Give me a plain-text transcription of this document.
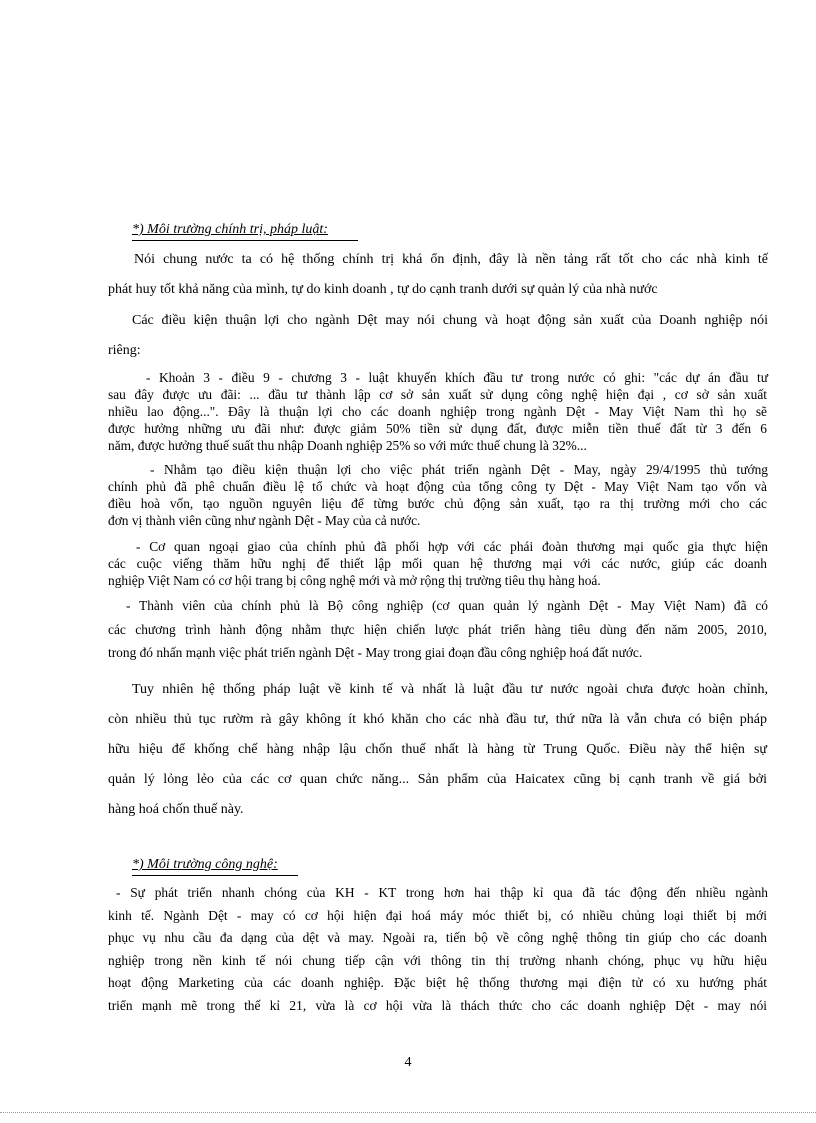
*) Môi trường chính trị, pháp luật:
Nói chung nước ta có hệ thống chính trị khá ổn định, đây là nền tảng rất tốt cho các nhà kinh tế
phát huy tốt khả năng của mình, tự do kinh doanh , tự do cạnh tranh dưới sự quản lý của nhà nước
Các điều kiện thuận lợi cho ngành Dệt may nói chung và hoạt động sản xuất của Doanh nghiệp nói
riêng:
- Khoản 3 - điều 9 - chương 3 - luật khuyến khích đầu tư trong nước có ghi: "các dự án đầu tư
sau đây được ưu đãi: ... đầu tư thành lập cơ sở sản xuất sử dụng công nghệ hiện đại , cơ sở sản xuất
nhiều lao động...". Đây là thuận lợi cho các doanh nghiệp trong ngành Dệt - May Việt Nam thì họ sẽ
được hưởng những ưu đãi như: được giảm 50% tiền sử dụng đất, được miễn tiền thuế đất từ 3 đến 6
năm, được hưởng thuế suất thu nhập Doanh nghiệp 25% so với mức thuế chung là 32%...
- Nhằm tạo điều kiện thuận lợi cho việc phát triển ngành Dệt - May, ngày 29/4/1995 thủ tướng
chính phủ đã phê chuẩn điều lệ tổ chức và hoạt động của tổng công ty Dệt - May Việt Nam tạo vốn và
điều hoà vốn, tạo nguồn nguyên liệu để từng bước chủ động sản xuất, tạo ra thị trường mới cho các
đơn vị thành viên cũng như ngành Dệt - May của cả nước.
- Cơ quan ngoại giao của chính phủ đã phối hợp với các phái đoàn thương mại quốc gia thực hiện
các cuộc viếng thăm hữu nghị để thiết lập mối quan hệ thương mại với các nước, giúp các doanh
nghiệp Việt Nam có cơ hội trang bị công nghệ mới và mở rộng thị trường tiêu thụ hàng hoá.
- Thành viên của chính phủ là Bộ công nghiệp (cơ quan quản lý ngành Dệt - May Việt Nam) đã có
các chương trình hành động nhằm thực hiện chiến lược phát triển hàng tiêu dùng đến năm 2005, 2010,
trong đó nhấn mạnh việc phát triển ngành Dệt - May trong giai đoạn đầu công nghiệp hoá đất nước.
Tuy nhiên hệ thống pháp luật về kinh tế và nhất là luật đầu tư nước ngoài chưa được hoàn chỉnh,
còn nhiều thủ tục rườm rà gây không ít khó khăn cho các nhà đầu tư, thứ nữa là vẫn chưa có biện pháp
hữu hiệu để khống chế hàng nhập lậu chốn thuế nhất là hàng từ Trung Quốc. Điều này thể hiện sự
quản lý lỏng lẻo của các cơ quan chức năng... Sản phẩm của Haicatex cũng bị cạnh tranh về giá bởi
hàng hoá chốn thuế này.
*) Môi trường công nghệ:
- Sự phát triển nhanh chóng của KH - KT trong hơn hai thập kỉ qua đã tác động đến nhiều ngành
kinh tế. Ngành Dệt - may có cơ hội hiện đại hoá máy móc thiết bị, có nhiều chủng loại thiết bị mới
phục vụ nhu cầu đa dạng của dệt và may. Ngoài ra, tiến bộ về công nghệ thông tin giúp cho các doanh
nghiệp trong nền kinh tế nói chung tiếp cận với thông tin thị trường nhanh chóng, phục vụ hữu hiệu
hoạt động Marketing của các doanh nghiệp. Đặc biệt hệ thống thương mại điện tử có xu hướng phát
triển mạnh mẽ trong thế kỉ 21, vừa là cơ hội vừa là thách thức cho các doanh nghiệp Dệt - may nói
4
